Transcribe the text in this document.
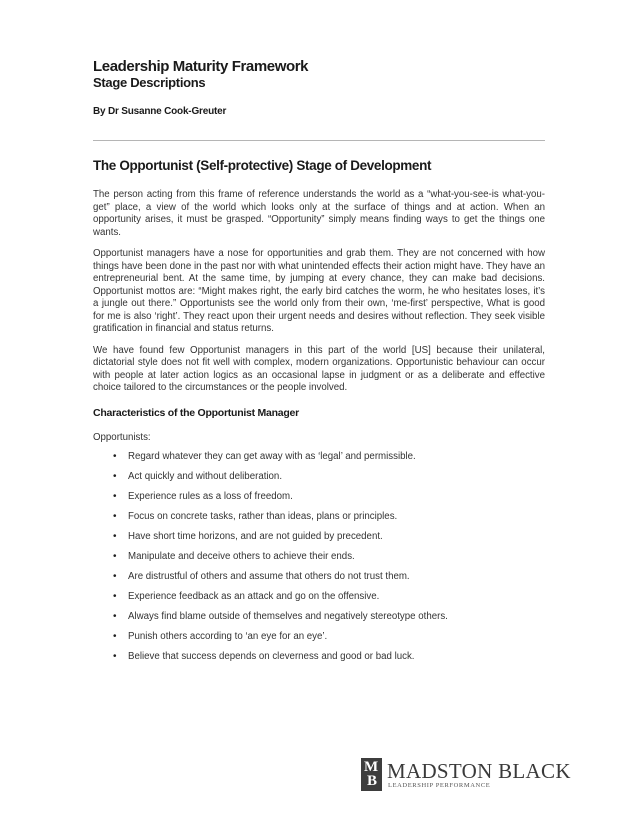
Leadership Maturity Framework
Stage Descriptions
By Dr Susanne Cook-Greuter
The Opportunist (Self-protective) Stage of Development

The person acting from this frame of reference understands the world as a “what-you-see-is what-you-get” place, a view of the world which looks only at the surface of things and at action. When an opportunity arises, it must be grasped. “Opportunity” simply means finding ways to get the things one wants.

Opportunist managers have a nose for opportunities and grab them. They are not concerned with how things have been done in the past nor with what unintended effects their action might have. They have an entrepreneurial bent. At the same time, by jumping at every chance, they can make bad decisions. Opportunist mottos are: “Might makes right, the early bird catches the worm, he who hesitates loses, it’s a jungle out there.” Opportunists see the world only from their own, ‘me-first’ perspective, What is good for me is also ‘right’. They react upon their urgent needs and desires without reflection. They seek visible gratification in financial and status returns.

We have found few Opportunist managers in this part of the world [US] because their unilateral, dictatorial style does not fit well with complex, modern organizations. Opportunistic behaviour can occur with people at later action logics as an occasional lapse in judgment or as a deliberate and effective choice tailored to the circumstances or the people involved.

Characteristics of the Opportunist Manager
Opportunists:
• Regard whatever they can get away with as ‘legal’ and permissible.
• Act quickly and without deliberation.
• Experience rules as a loss of freedom.
• Focus on concrete tasks, rather than ideas, plans or principles.
• Have short time horizons, and are not guided by precedent.
• Manipulate and deceive others to achieve their ends.
• Are distrustful of others and assume that others do not trust them.
• Experience feedback as an attack and go on the offensive.
• Always find blame outside of themselves and negatively stereotype others.
• Punish others according to ‘an eye for an eye’.
• Believe that success depends on cleverness and good or bad luck.
M
B MADSTON BLACK
LEADERSHIP PERFORMANCE
